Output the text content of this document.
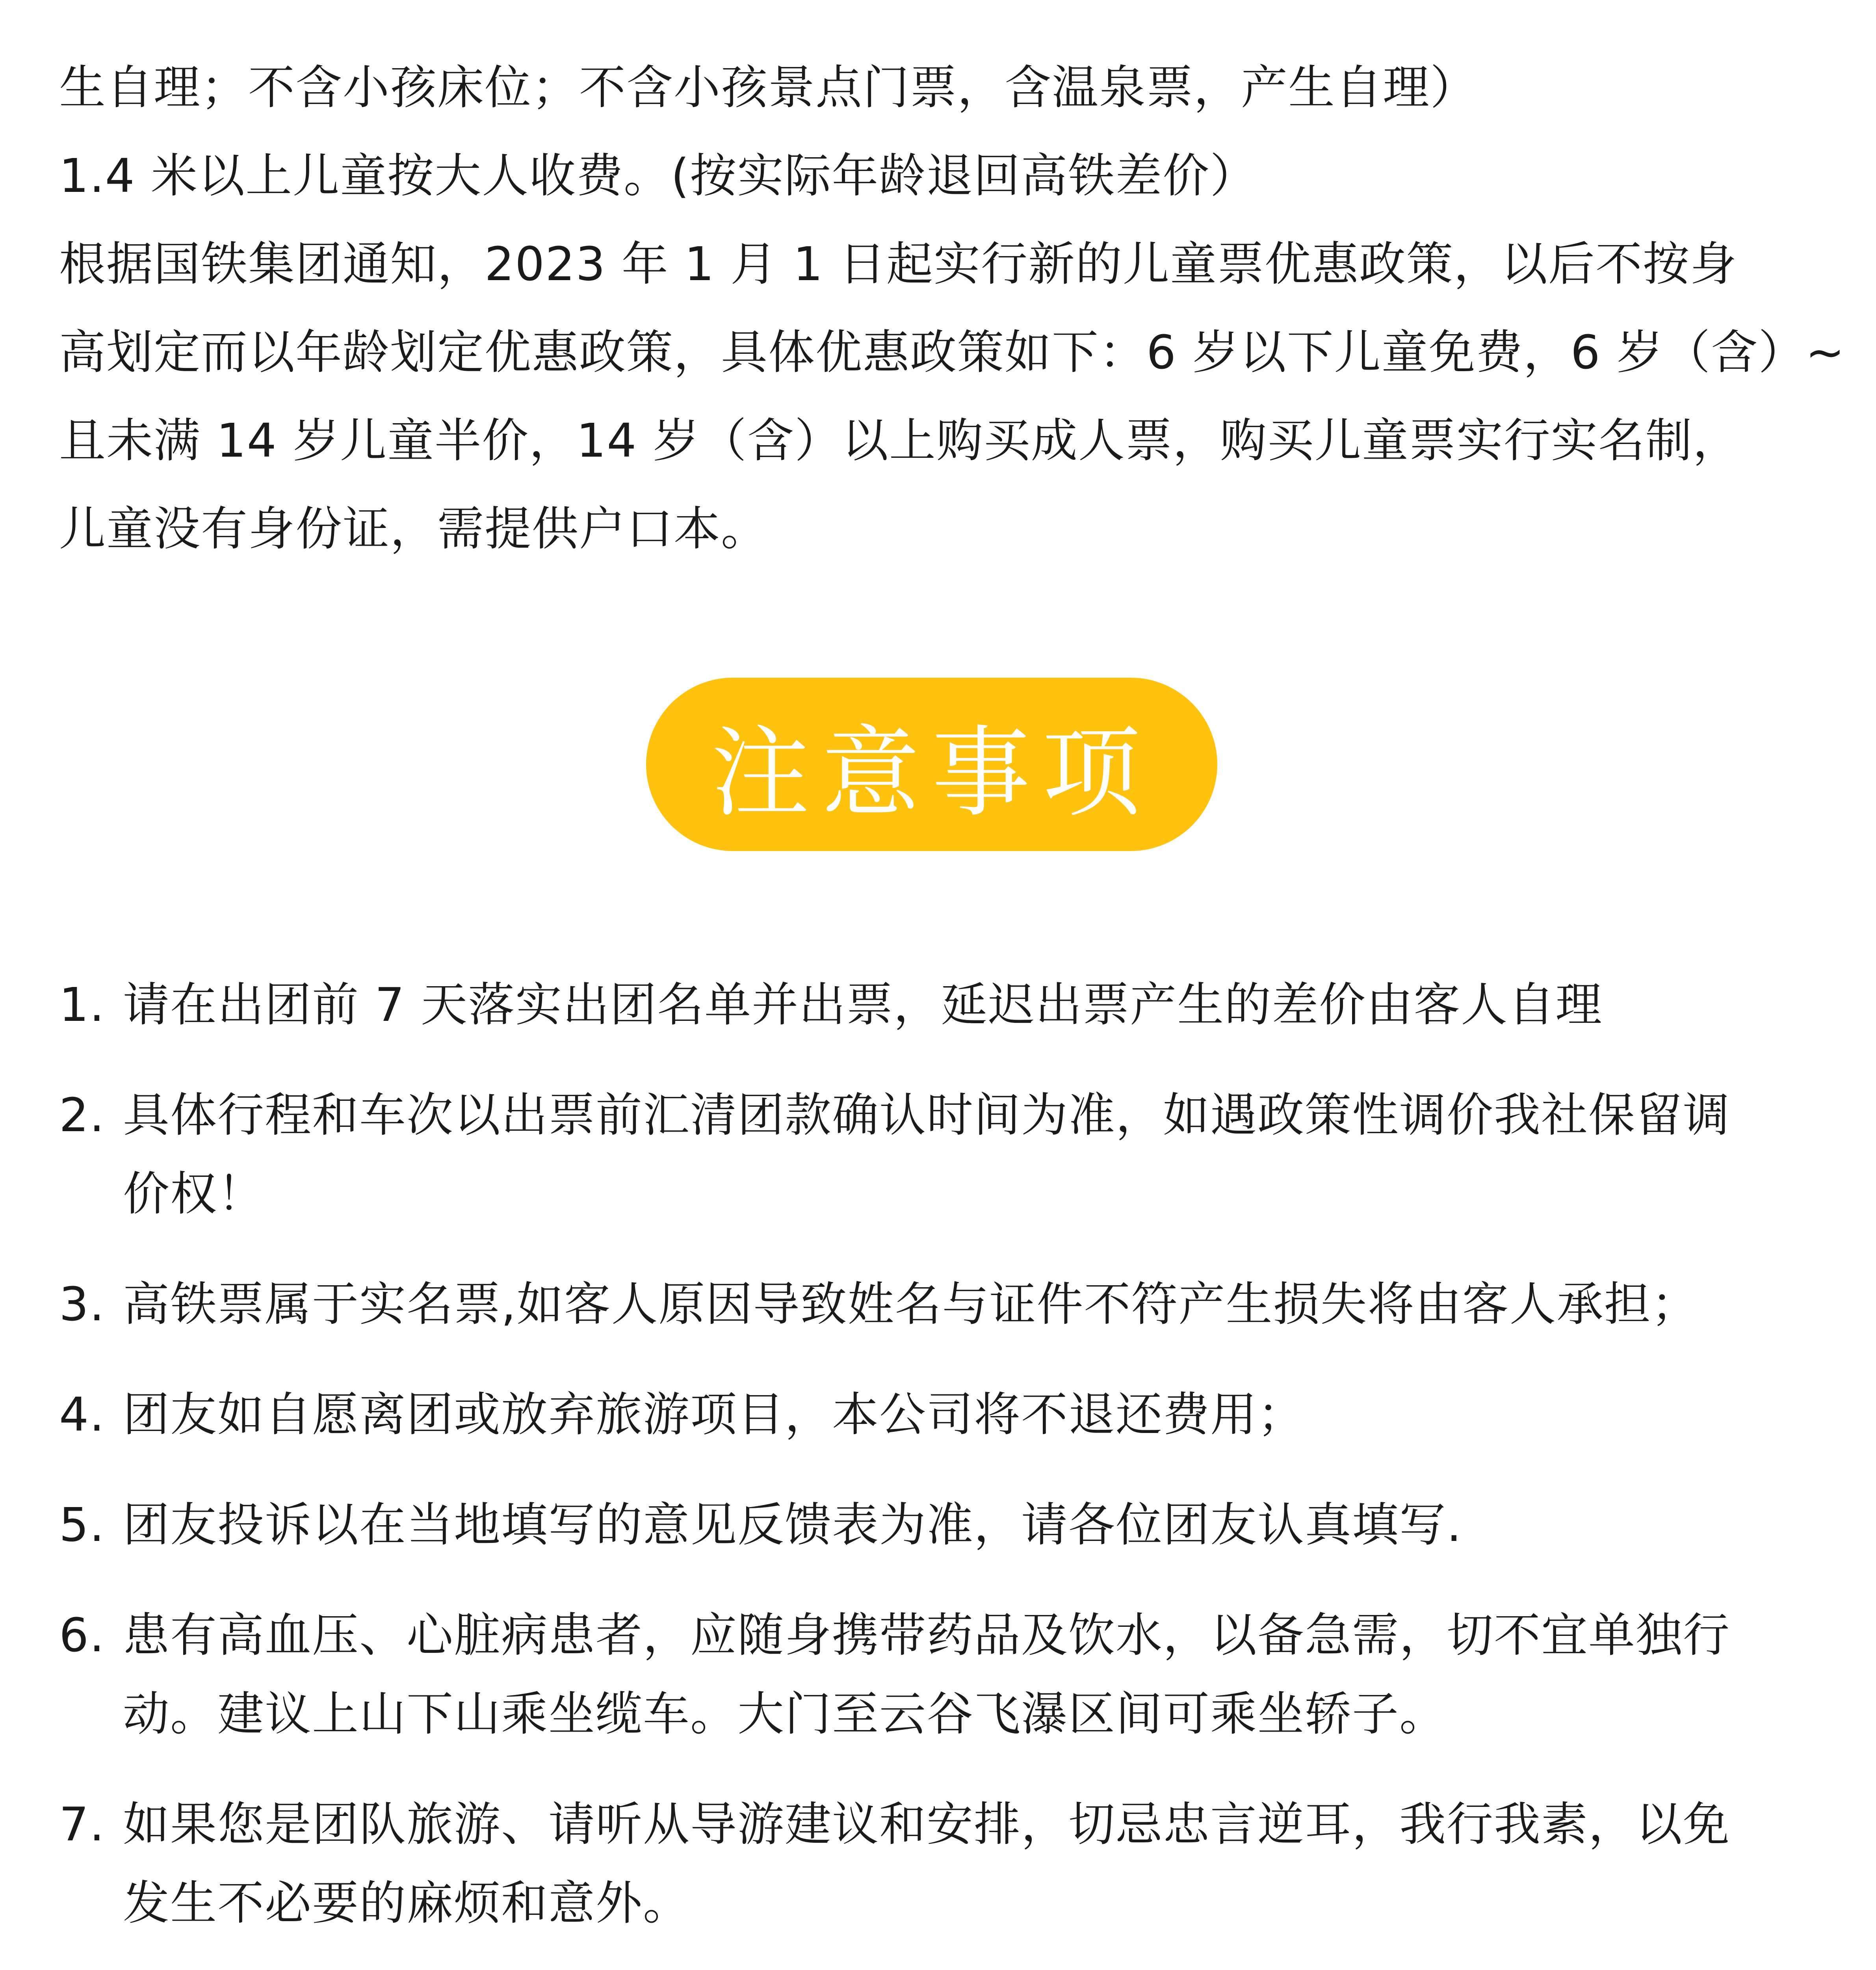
生自理；不含小孩床位；不含小孩景点门票，含温泉票，产生自理）

1.4 米以上儿童按大人收费。(按实际年龄退回高铁差价）

根据国铁集团通知，2023 年 1 月 1 日起实行新的儿童票优惠政策，以后不按身

高划定而以年龄划定优惠政策，具体优惠政策如下：6 岁以下儿童免费，6 岁（含）~

且未满 14 岁儿童半价，14 岁（含）以上购买成人票，购买儿童票实行实名制，

儿童没有身份证，需提供户口本。

注意事项
1. 请在出团前 7 天落实出团名单并出票，延迟出票产生的差价由客人自理
2. 具体行程和车次以出票前汇清团款确认时间为准，如遇政策性调价我社保留调
价权！
3. 高铁票属于实名票,如客人原因导致姓名与证件不符产生损失将由客人承担；
4. 团友如自愿离团或放弃旅游项目，本公司将不退还费用；
5. 团友投诉以在当地填写的意见反馈表为准，请各位团友认真填写.
6. 患有高血压、心脏病患者，应随身携带药品及饮水，以备急需，切不宜单独行
动。建议上山下山乘坐缆车。大门至云谷飞瀑区间可乘坐轿子。
7. 如果您是团队旅游、请听从导游建议和安排，切忌忠言逆耳，我行我素，以免
发生不必要的麻烦和意外。
